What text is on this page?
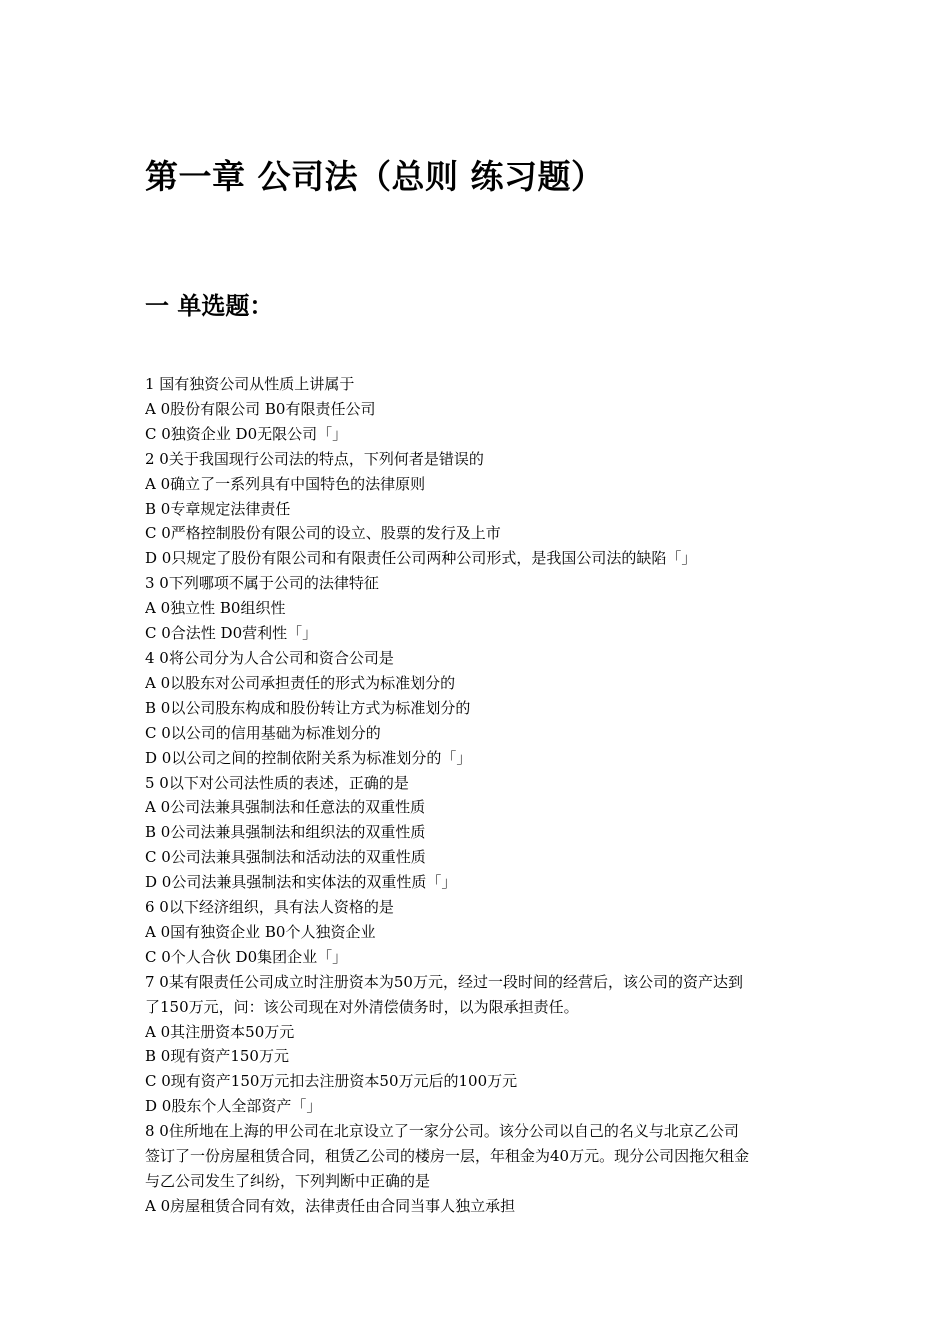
第一章 公司法（总则 练习题）
一 单选题：
1 国有独资公司从性质上讲属于
A 0股份有限公司 B0有限责任公司
C 0独资企业 D0无限公司「」
2 0关于我国现行公司法的特点，下列何者是错误的
A 0确立了一系列具有中国特色的法律原则
B 0专章规定法律责任
C 0严格控制股份有限公司的设立、股票的发行及上市
D 0只规定了股份有限公司和有限责任公司两种公司形式，是我国公司法的缺陷「」
3 0下列哪项不属于公司的法律特征
A 0独立性 B0组织性
C 0合法性 D0营利性「」
4 0将公司分为人合公司和资合公司是
A 0以股东对公司承担责任的形式为标准划分的
B 0以公司股东构成和股份转让方式为标准划分的
C 0以公司的信用基础为标准划分的
D 0以公司之间的控制依附关系为标准划分的「」
5 0以下对公司法性质的表述，正确的是
A 0公司法兼具强制法和任意法的双重性质
B 0公司法兼具强制法和组织法的双重性质
C 0公司法兼具强制法和活动法的双重性质
D 0公司法兼具强制法和实体法的双重性质「」
6 0以下经济组织，具有法人资格的是
A 0国有独资企业 B0个人独资企业
C 0个人合伙 D0集团企业「」
7 0某有限责任公司成立时注册资本为50万元，经过一段时间的经营后，该公司的资产达到
了150万元，问：该公司现在对外清偿债务时，以为限承担责任。
A 0其注册资本50万元
B 0现有资产150万元
C 0现有资产150万元扣去注册资本50万元后的100万元
D 0股东个人全部资产「」
8 0住所地在上海的甲公司在北京设立了一家分公司。该分公司以自己的名义与北京乙公司
签订了一份房屋租赁合同，租赁乙公司的楼房一层，年租金为40万元。现分公司因拖欠租金
与乙公司发生了纠纷，下列判断中正确的是
A 0房屋租赁合同有效，法律责任由合同当事人独立承担
